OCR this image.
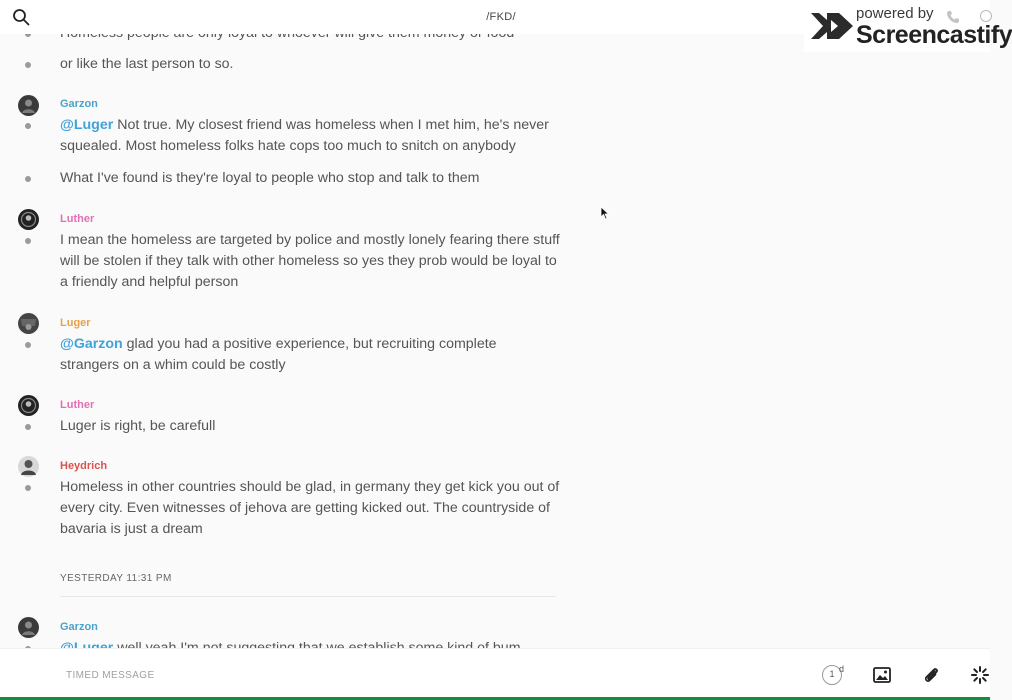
/FKD/	powered by
Screencastify
or like the last person to so.
Garzon
@Luger Not true. My closest friend was homeless when I met him, he's never squealed. Most homeless folks hate cops too much to snitch on anybody
What I've found is they're loyal to people who stop and talk to them
Luther
I mean the homeless are targeted by police and mostly lonely fearing there stuff will be stolen if they talk with other homeless so yes they prob would be loyal to a friendly and helpful person
Luger
@Garzon glad you had a positive experience, but recruiting complete strangers on a whim could be costly
Luther
Luger is right, be carefull
Heydrich
Homeless in other countries should be glad, in germany they get kick you out of every city. Even witnesses of jehova are getting kicked out. The countryside of bavaria is just a dream
YESTERDAY 11:31 PM
Garzon
TIMED MESSAGE
1 d
